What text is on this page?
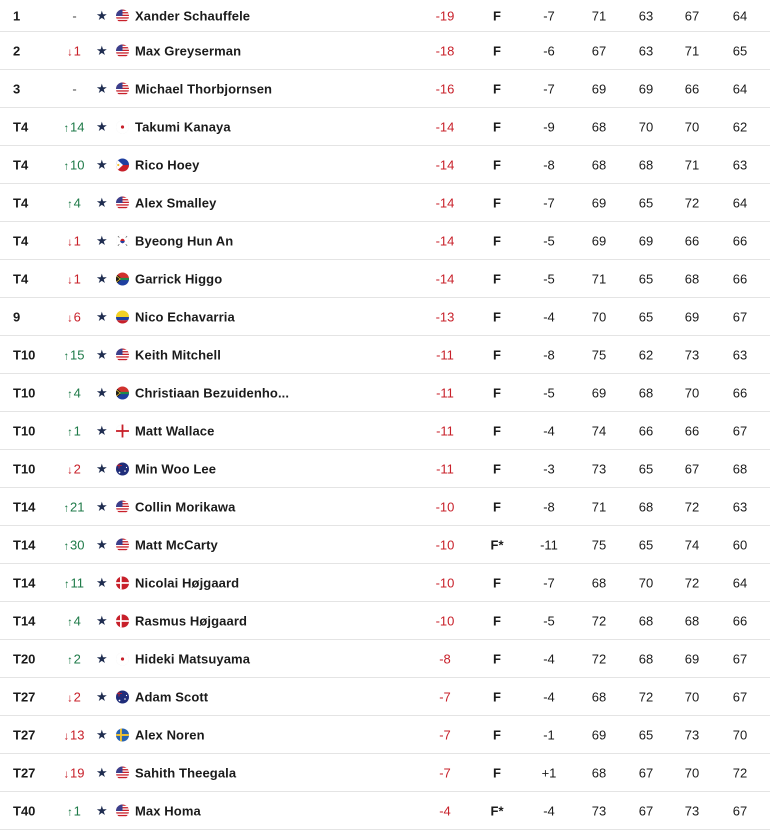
1	-	★ Xander Schauffele	-19	F	-7	71	63	67	64
2	↓1	★ Max Greyserman	-18	F	-6	67	63	71	65
3	-	★ Michael Thorbjornsen	-16	F	-7	69	69	66	64
T4	↑14 ★ Takumi Kanaya	-14	F	-9	68	70	70	62
T4	↑10 ★ Rico Hoey	-14	F	-8	68	68	71	63
T4	↑4	★ Alex Smalley	-14	F	-7	69	65	72	64
T4	↓1	★ Byeong Hun An	-14	F	-5	69	69	66	66
T4	↓1	★ Garrick Higgo	-14	F	-5	71	65	68	66
9	↓6	★ Nico Echavarria	-13	F	-4	70	65	69	67
T10	↑15 ★ Keith Mitchell	-11	F	-8	75	62	73	63
T10	↑4	★ Christiaan Bezuidenho...	-11	F	-5	69	68	70	66
T10	↑1	★ Matt Wallace	-11	F	-4	74	66	66	67
T10	↓2	★ Min Woo Lee	-11	F	-3	73	65	67	68
T14	↑21 ★ Collin Morikawa	-10	F	-8	71	68	72	63
T14	↑30 ★ Matt McCarty	-10	F*	-11	75	65	74	60
T14	↑11 ★ Nicolai Højgaard	-10	F	-7	68	70	72	64
T14	↑4	★ Rasmus Højgaard	-10	F	-5	72	68	68	66
T20	↑2	★ Hideki Matsuyama	-8	F	-4	72	68	69	67
T27	↓2	★ Adam Scott	-7	F	-4	68	72	70	67
T27	↓13 ★ Alex Noren	-7	F	-1	69	65	73	70
T27	↓19 ★ Sahith Theegala	-7	F	+1	68	67	70	72
T40	↑1	★ Max Homa	-4	F*	-4	73	67	73	67
